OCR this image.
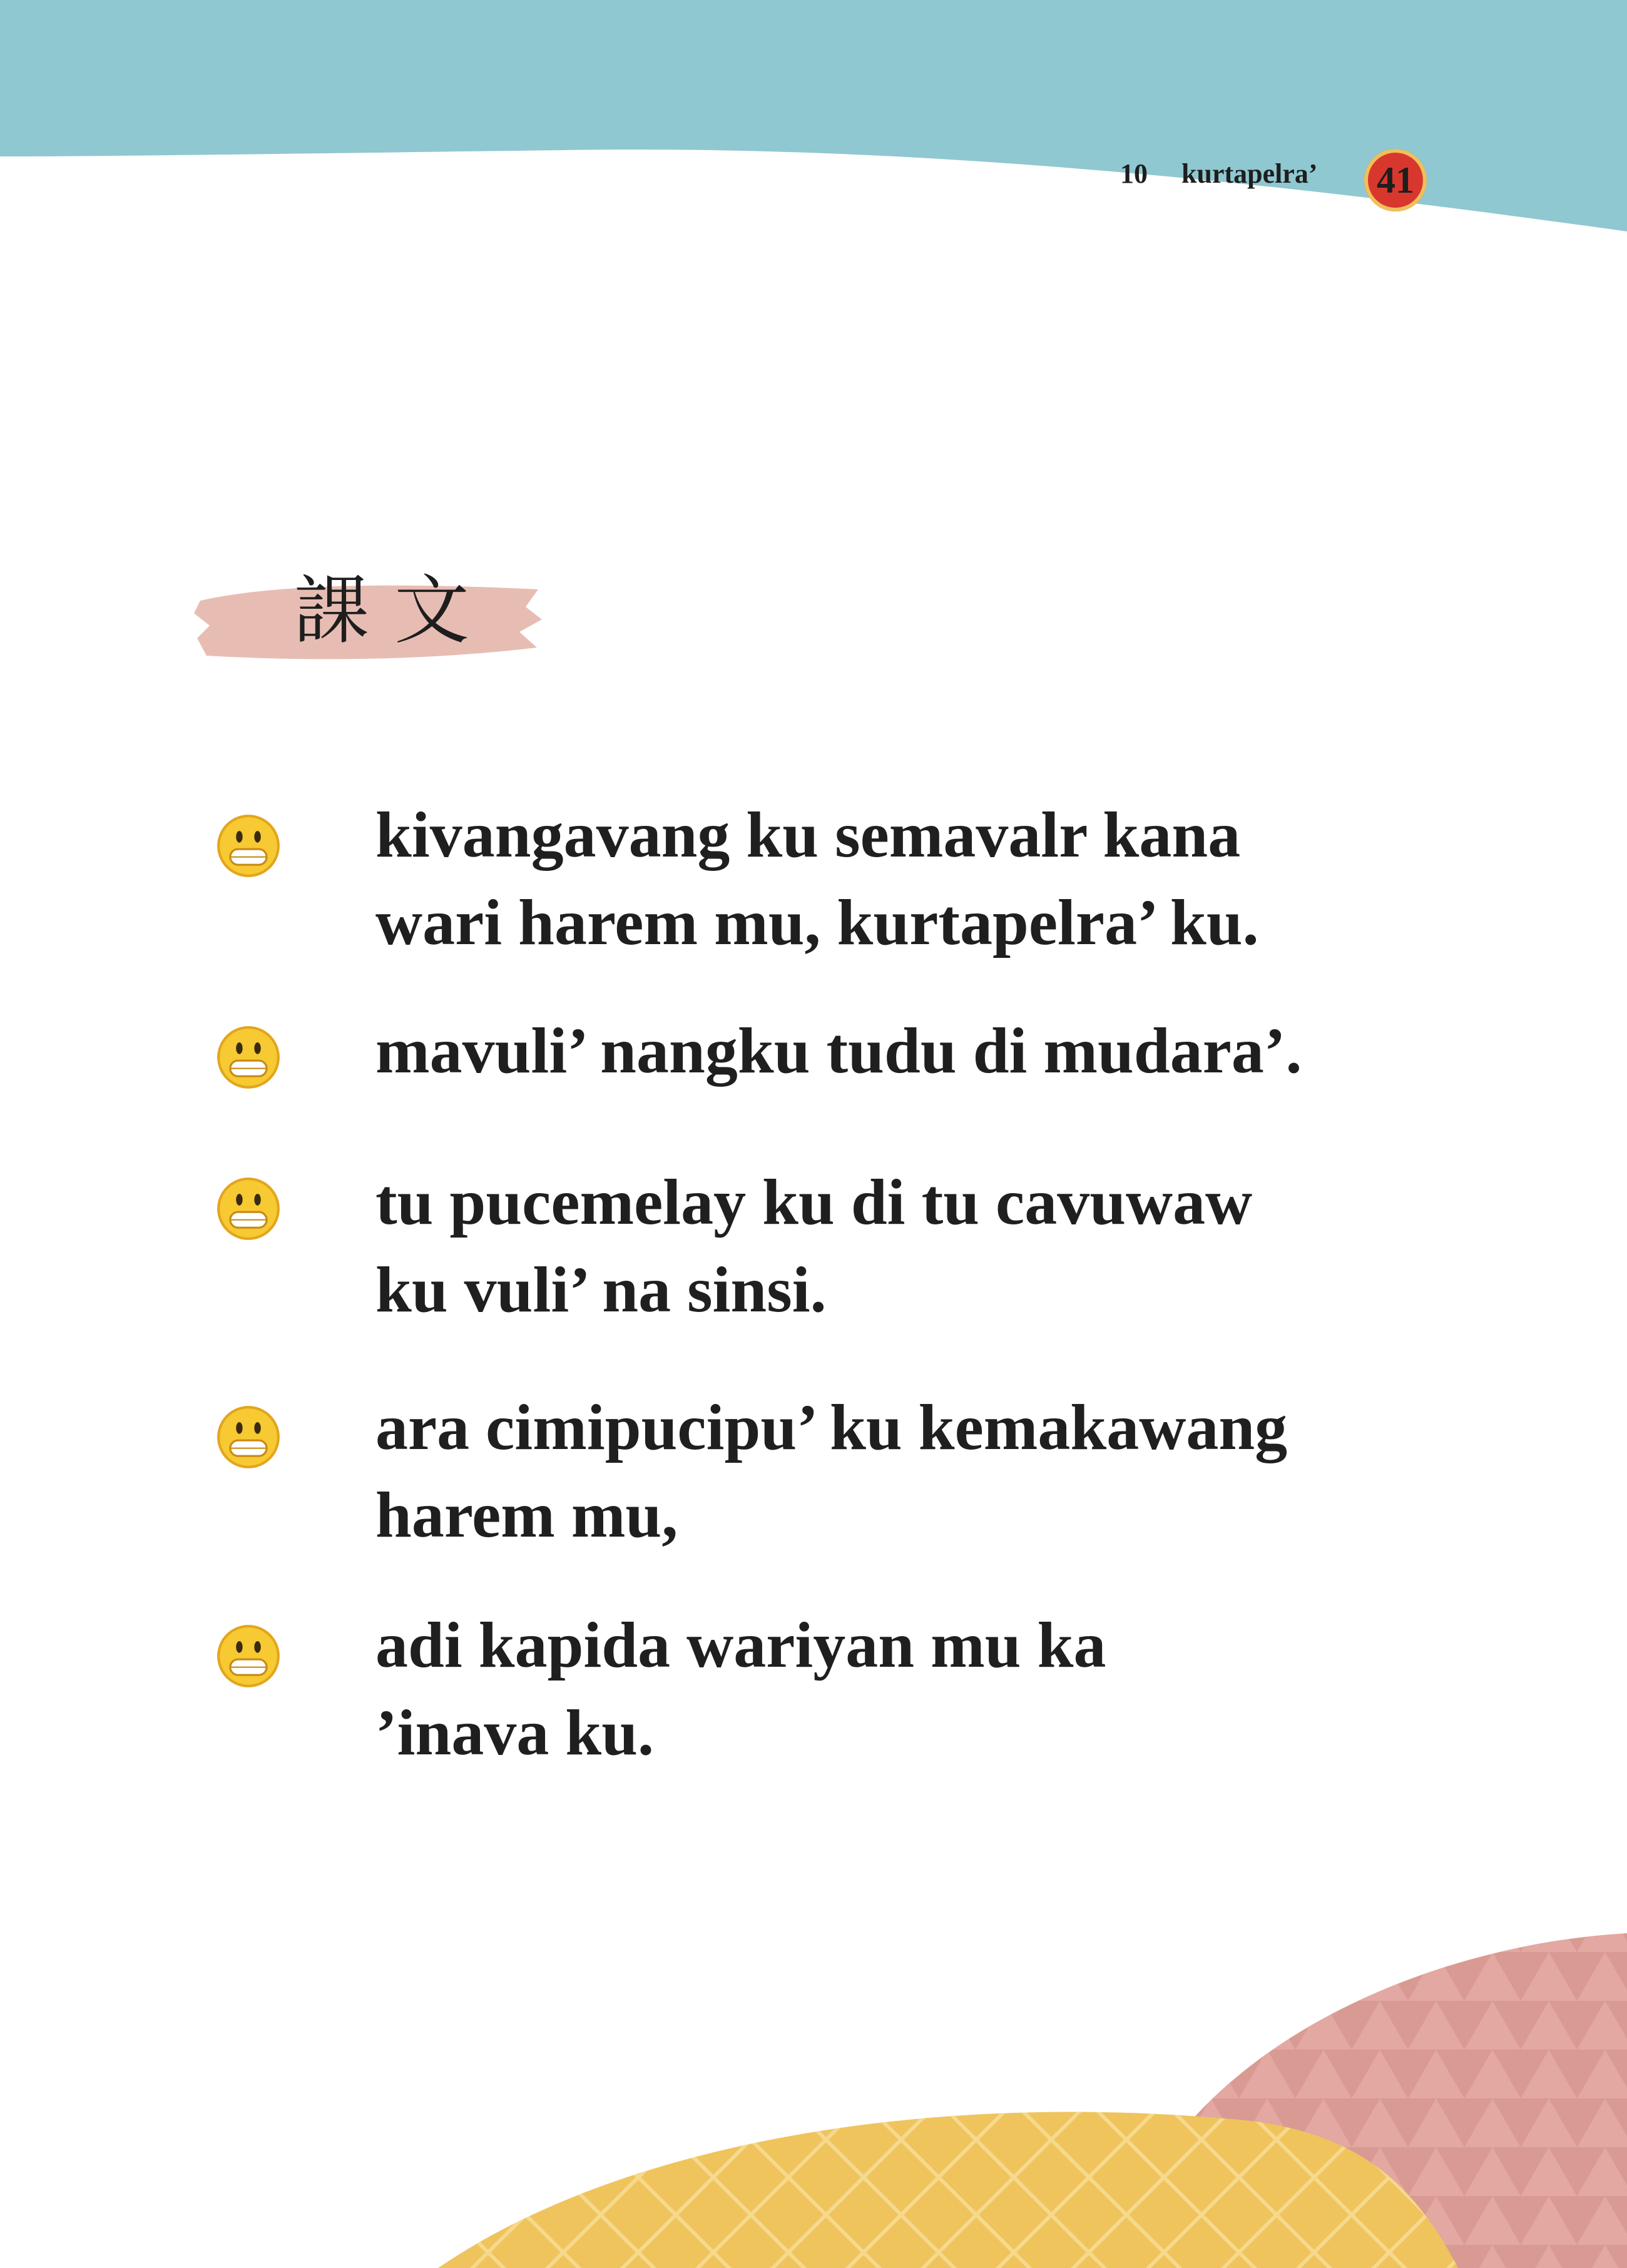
10 kurtapelra’ 41
課文
kivangavang ku semavalr kana
wari harem mu, kurtapelra’ ku.
mavuli’ nangku tudu di mudara’.
tu pucemelay ku di tu cavuwaw
ku vuli’ na sinsi.
ara cimipucipu’ ku kemakawang
harem mu,
adi kapida wariyan mu ka
’inava ku.
